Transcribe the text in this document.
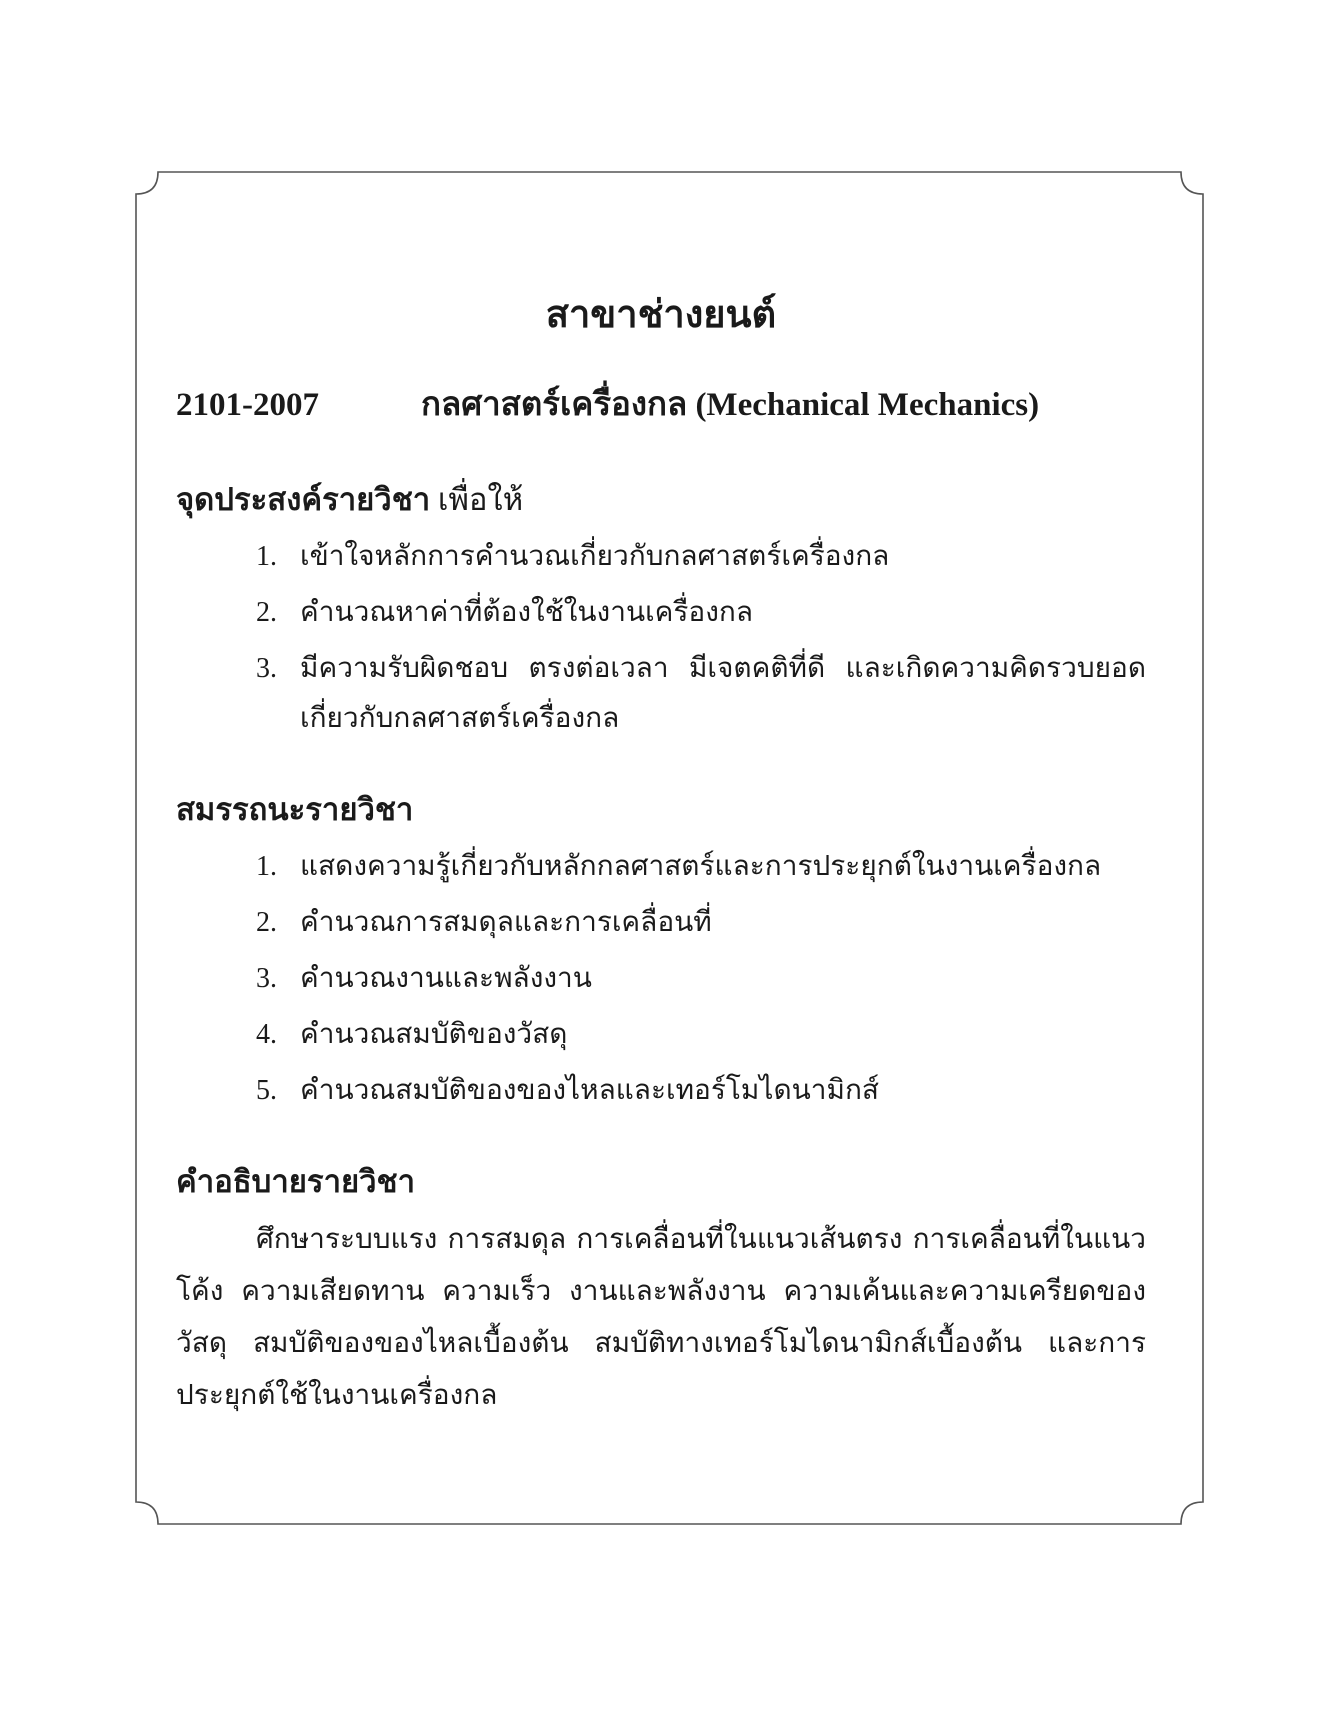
สาขาช่างยนต์
2101-2007	กลศาสตร์เครื่องกล (Mechanical Mechanics)
จุดประสงค์รายวิชา เพื่อให้
1. เข้าใจหลักการคำนวณเกี่ยวกับกลศาสตร์เครื่องกล
2. คำนวณหาค่าที่ต้องใช้ในงานเครื่องกล
3. มีความรับผิดชอบ ตรงต่อเวลา มีเจตคติที่ดี และเกิดความคิดรวบยอดเกี่ยวกับกลศาสตร์เครื่องกล
สมรรถนะรายวิชา
1. แสดงความรู้เกี่ยวกับหลักกลศาสตร์และการประยุกต์ในงานเครื่องกล
2. คำนวณการสมดุลและการเคลื่อนที่
3. คำนวณงานและพลังงาน
4. คำนวณสมบัติของวัสดุ
5. คำนวณสมบัติของของไหลและเทอร์โมไดนามิกส์
คำอธิบายรายวิชา

ศึกษาระบบแรง การสมดุล การเคลื่อนที่ในแนวเส้นตรง การเคลื่อนที่ในแนวโค้ง ความเสียดทาน ความเร็ว งานและพลังงาน ความเค้นและความเครียดของวัสดุ สมบัติของของไหลเบื้องต้น สมบัติทางเทอร์โมไดนามิกส์เบื้องต้น และการประยุกต์ใช้ในงานเครื่องกล
